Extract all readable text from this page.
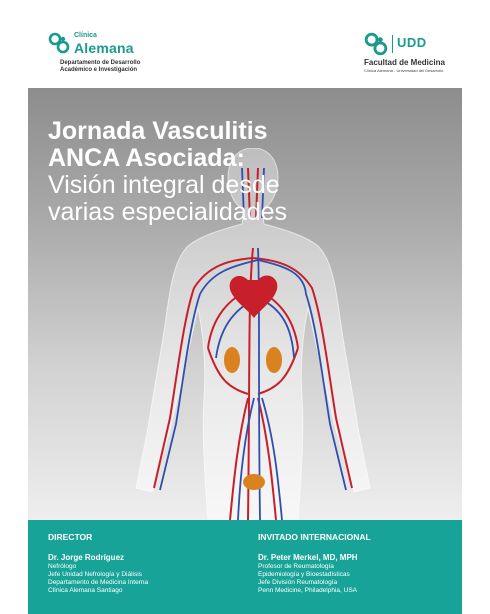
Clínica
Alemana
Departamento de Desarrollo
Académico e Investigación
UDD
Facultad de Medicina
Clínica Alemana - Universidad del Desarrollo
Jornada Vasculitis
ANCA Asociada:
Visión integral desde
varias especialidades
DIRECTOR
Dr. Jorge Rodríguez
Nefrólogo
Jefe Unidad Nefrología y Diálisis
Departamento de Medicina Interna
Clínica Alemana Santiago
INVITADO INTERNACIONAL
Dr. Peter Merkel, MD, MPH
Profesor de Reumatología
Epidemiología y Bioestadísticas
Jefe División Reumatología
Penn Medicine, Philadelphia, USA
